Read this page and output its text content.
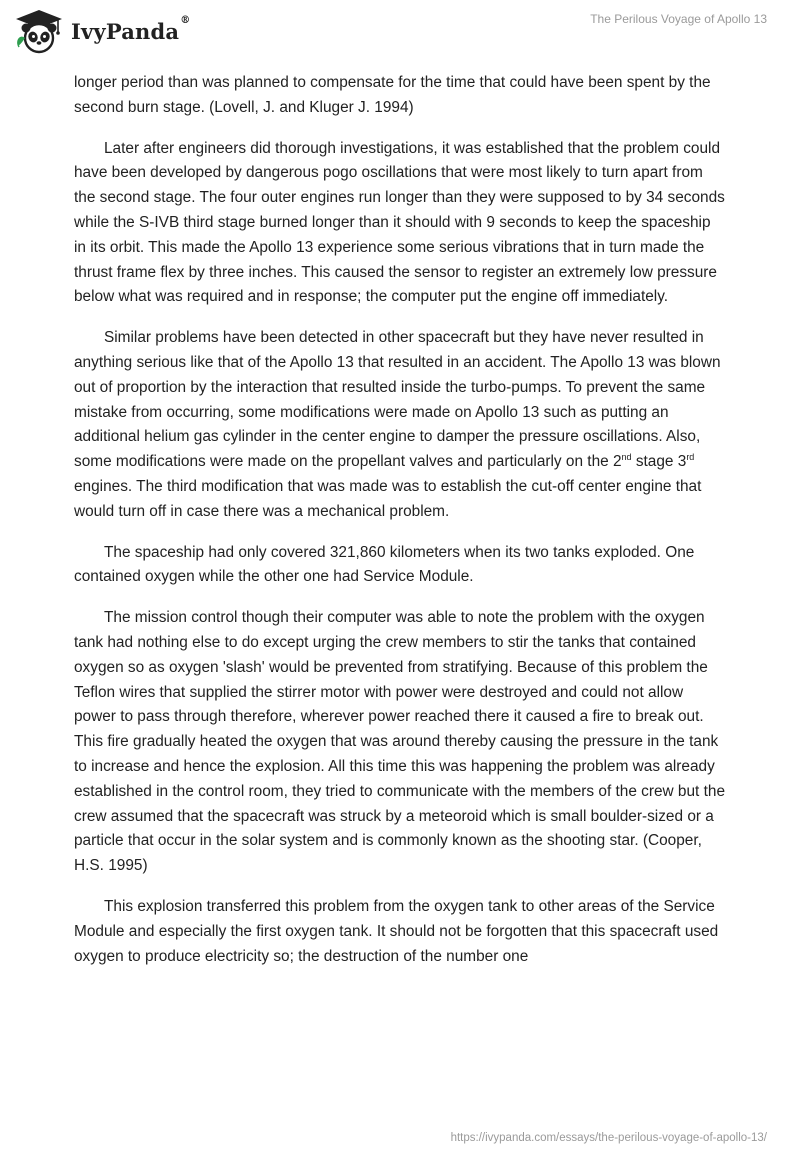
IvyPanda®	The Perilous Voyage of Apollo 13

longer period than was planned to compensate for the time that could have been spent by the second burn stage. (Lovell, J. and Kluger J. 1994)

Later after engineers did thorough investigations, it was established that the problem could have been developed by dangerous pogo oscillations that were most likely to turn apart from the second stage. The four outer engines run longer than they were supposed to by 34 seconds while the S-IVB third stage burned longer than it should with 9 seconds to keep the spaceship in its orbit. This made the Apollo 13 experience some serious vibrations that in turn made the thrust frame flex by three inches. This caused the sensor to register an extremely low pressure below what was required and in response; the computer put the engine off immediately.

Similar problems have been detected in other spacecraft but they have never resulted in anything serious like that of the Apollo 13 that resulted in an accident. The Apollo 13 was blown out of proportion by the interaction that resulted inside the turbo-pumps. To prevent the same mistake from occurring, some modifications were made on Apollo 13 such as putting an additional helium gas cylinder in the center engine to damper the pressure oscillations. Also, some modifications were made on the propellant valves and particularly on the 2nd stage 3rd engines. The third modification that was made was to establish the cut-off center engine that would turn off in case there was a mechanical problem.

The spaceship had only covered 321,860 kilometers when its two tanks exploded. One contained oxygen while the other one had Service Module.

The mission control though their computer was able to note the problem with the oxygen tank had nothing else to do except urging the crew members to stir the tanks that contained oxygen so as oxygen 'slash' would be prevented from stratifying. Because of this problem the Teflon wires that supplied the stirrer motor with power were destroyed and could not allow power to pass through therefore, wherever power reached there it caused a fire to break out. This fire gradually heated the oxygen that was around thereby causing the pressure in the tank to increase and hence the explosion. All this time this was happening the problem was already established in the control room, they tried to communicate with the members of the crew but the crew assumed that the spacecraft was struck by a meteoroid which is small boulder-sized or a particle that occur in the solar system and is commonly known as the shooting star. (Cooper, H.S. 1995)

This explosion transferred this problem from the oxygen tank to other areas of the Service Module and especially the first oxygen tank. It should not be forgotten that this spacecraft used oxygen to produce electricity so; the destruction of the number one

https://ivypanda.com/essays/the-perilous-voyage-of-apollo-13/
